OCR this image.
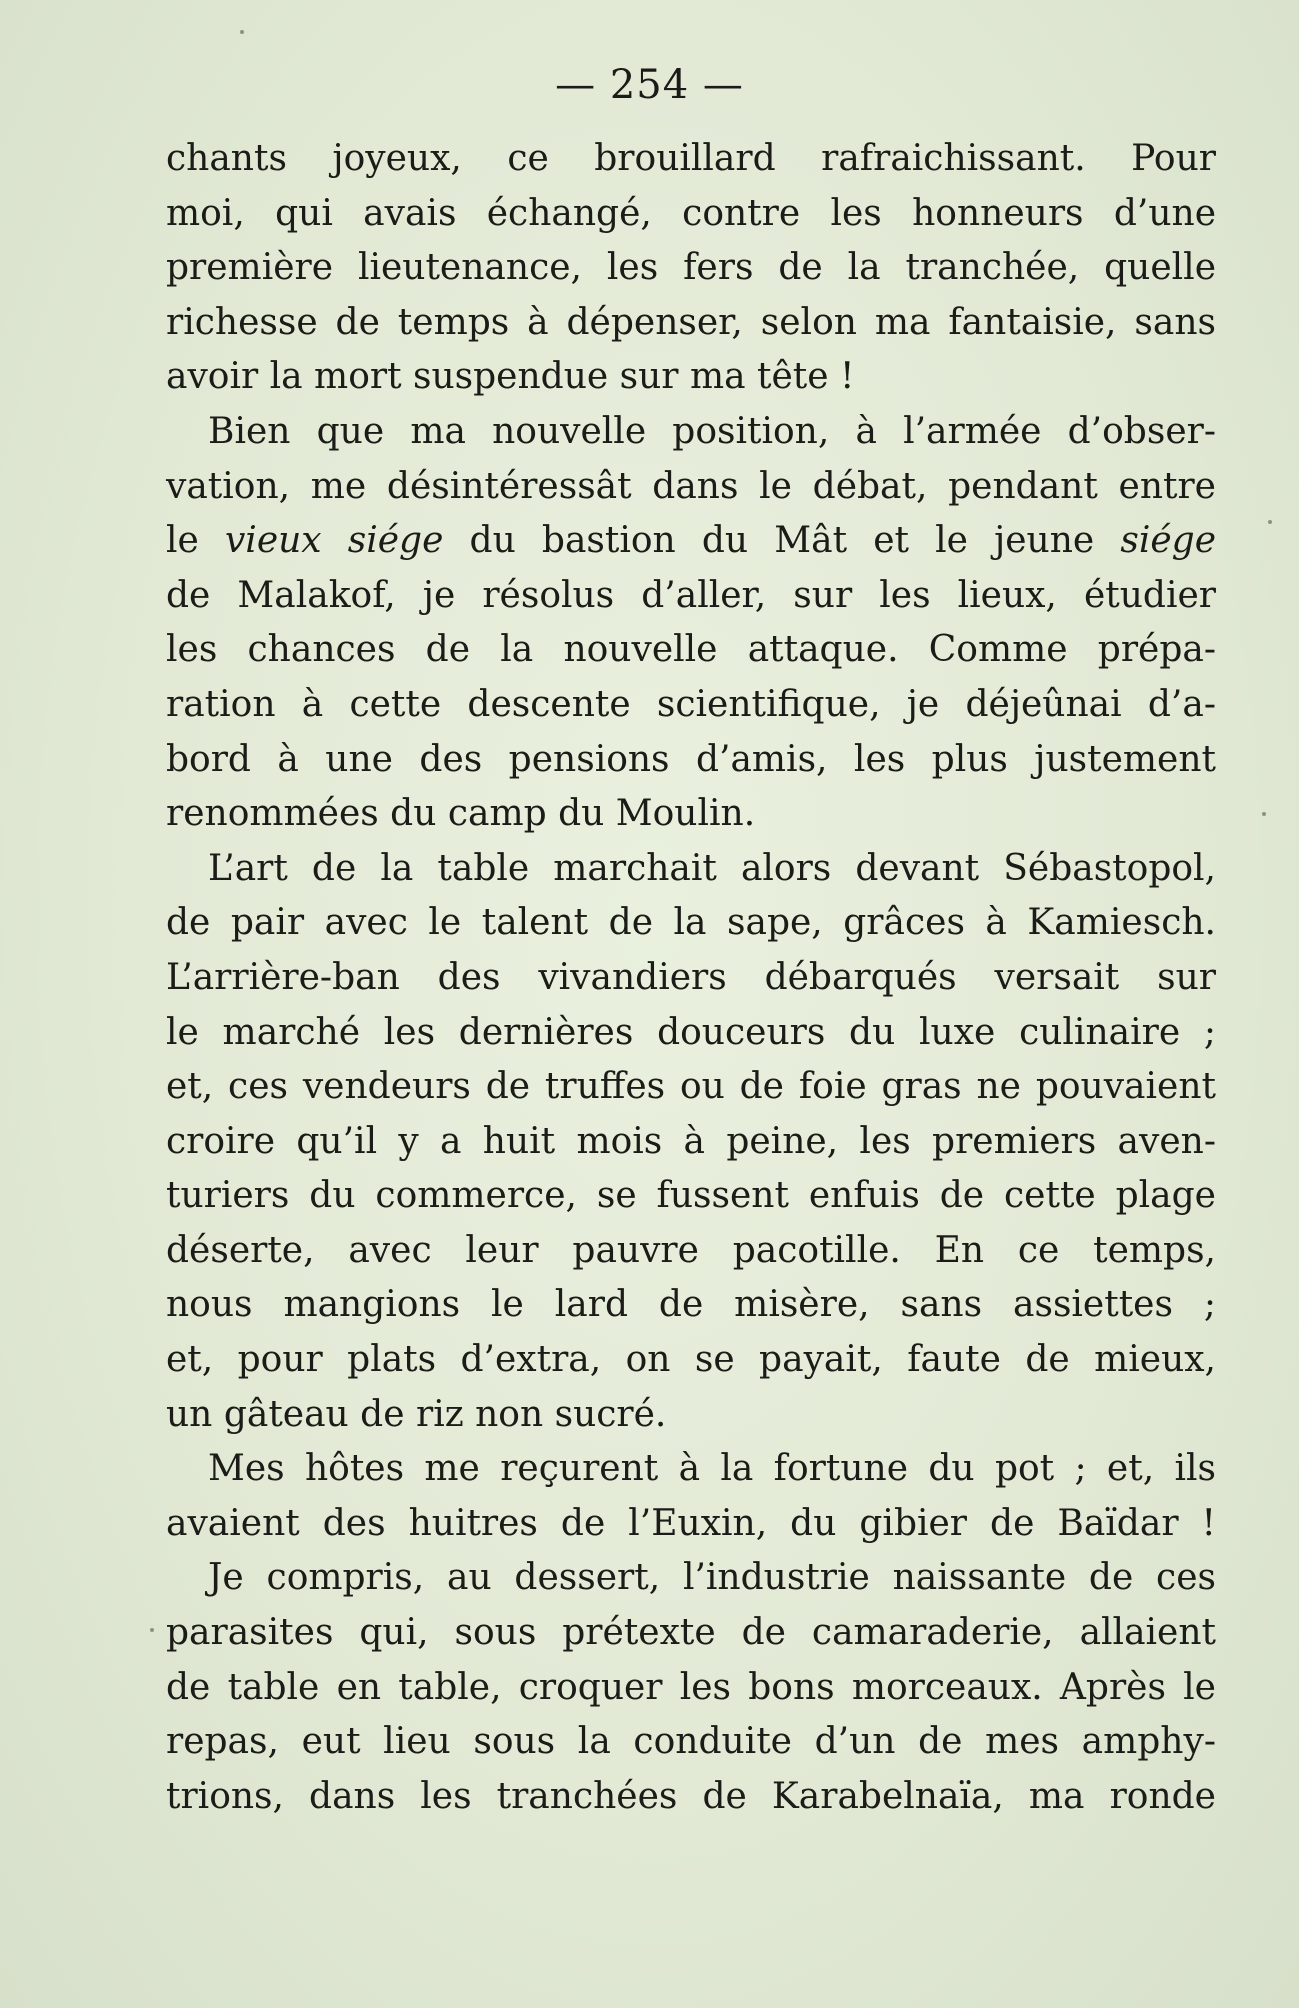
— 254 —
chants joyeux, ce brouillard rafraichissant. Pour
moi, qui avais échangé, contre les honneurs d’une
première lieutenance, les fers de la tranchée, quelle
richesse de temps à dépenser, selon ma fantaisie, sans
avoir la mort suspendue sur ma tête !
Bien que ma nouvelle position, à l’armée d’obser-
vation, me désintéressât dans le débat, pendant entre
le vieux siége du bastion du Mât et le jeune siége
de Malakof, je résolus d’aller, sur les lieux, étudier
les chances de la nouvelle attaque. Comme prépa-
ration à cette descente scientifique, je déjeûnai d’a-
bord à une des pensions d’amis, les plus justement
renommées du camp du Moulin.
L’art de la table marchait alors devant Sébastopol,
de pair avec le talent de la sape, grâces à Kamiesch.
L’arrière-ban des vivandiers débarqués versait sur
le marché les dernières douceurs du luxe culinaire ;
et, ces vendeurs de truffes ou de foie gras ne pouvaient
croire qu’il y a huit mois à peine, les premiers aven-
turiers du commerce, se fussent enfuis de cette plage
déserte, avec leur pauvre pacotille. En ce temps,
nous mangions le lard de misère, sans assiettes ;
et, pour plats d’extra, on se payait, faute de mieux,
un gâteau de riz non sucré.
Mes hôtes me reçurent à la fortune du pot ; et, ils
avaient des huitres de l’Euxin, du gibier de Baïdar !
Je compris, au dessert, l’industrie naissante de ces
parasites qui, sous prétexte de camaraderie, allaient
de table en table, croquer les bons morceaux. Après le
repas, eut lieu sous la conduite d’un de mes amphy-
trions, dans les tranchées de Karabelnaïa, ma ronde
